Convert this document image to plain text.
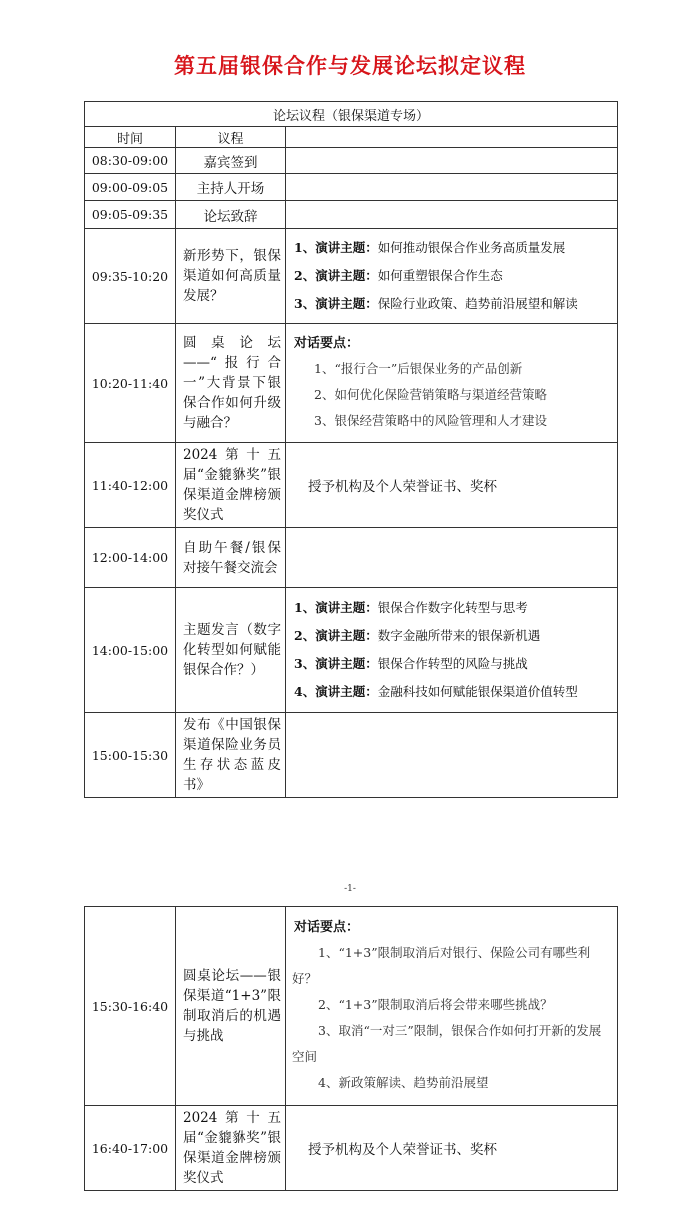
第五届银保合作与发展论坛拟定议程
论坛议程（银保渠道专场）		
时间	议程	
08:30-09:00	嘉宾签到	
09:00-09:05	主持人开场	
09:05-09:35	论坛致辞	
09:35-10:20	新形势下，银保渠道如何高质量发展？	1、演讲主题：如何推动银保合作业务高质量发展
2、演讲主题：如何重塑银保合作生态
3、演讲主题：保险行业政策、趋势前沿展望和解读

10:20-11:40	圆桌论坛——“报行合一”大背景下银保合作如何升级与融合？	对话要点：
1、“报行合一”后银保业务的产品创新
2、如何优化保险营销策略与渠道经营策略
3、银保经营策略中的风险管理和人才建设

11:40-12:00	2024第十五届“金貔貅奖”银保渠道金牌榜颁奖仪式	授予机构及个人荣誉证书、奖杯

12:00-14:00	自助午餐/银保对接午餐交流会	

14:00-15:00	主题发言（数字化转型如何赋能银保合作？）	1、演讲主题：银保合作数字化转型与思考
2、演讲主题：数字金融所带来的银保新机遇
3、演讲主题：银保合作转型的风险与挑战
4、演讲主题：金融科技如何赋能银保渠道价值转型

15:00-15:30	发布《中国银保渠道保险业务员生存状态蓝皮书》	

-1-
15:30-16:40	圆桌论坛——银保渠道“1+3”限制取消后的机遇与挑战	对话要点：
1、“1+3”限制取消后对银行、保险公司有哪些利好？
2、“1+3”限制取消后将会带来哪些挑战？
3、取消“一对三”限制，银保合作如何打开新的发展空间
4、新政策解读、趋势前沿展望

16:40-17:00	2024第十五届“金貔貅奖”银保渠道金牌榜颁奖仪式	授予机构及个人荣誉证书、奖杯
